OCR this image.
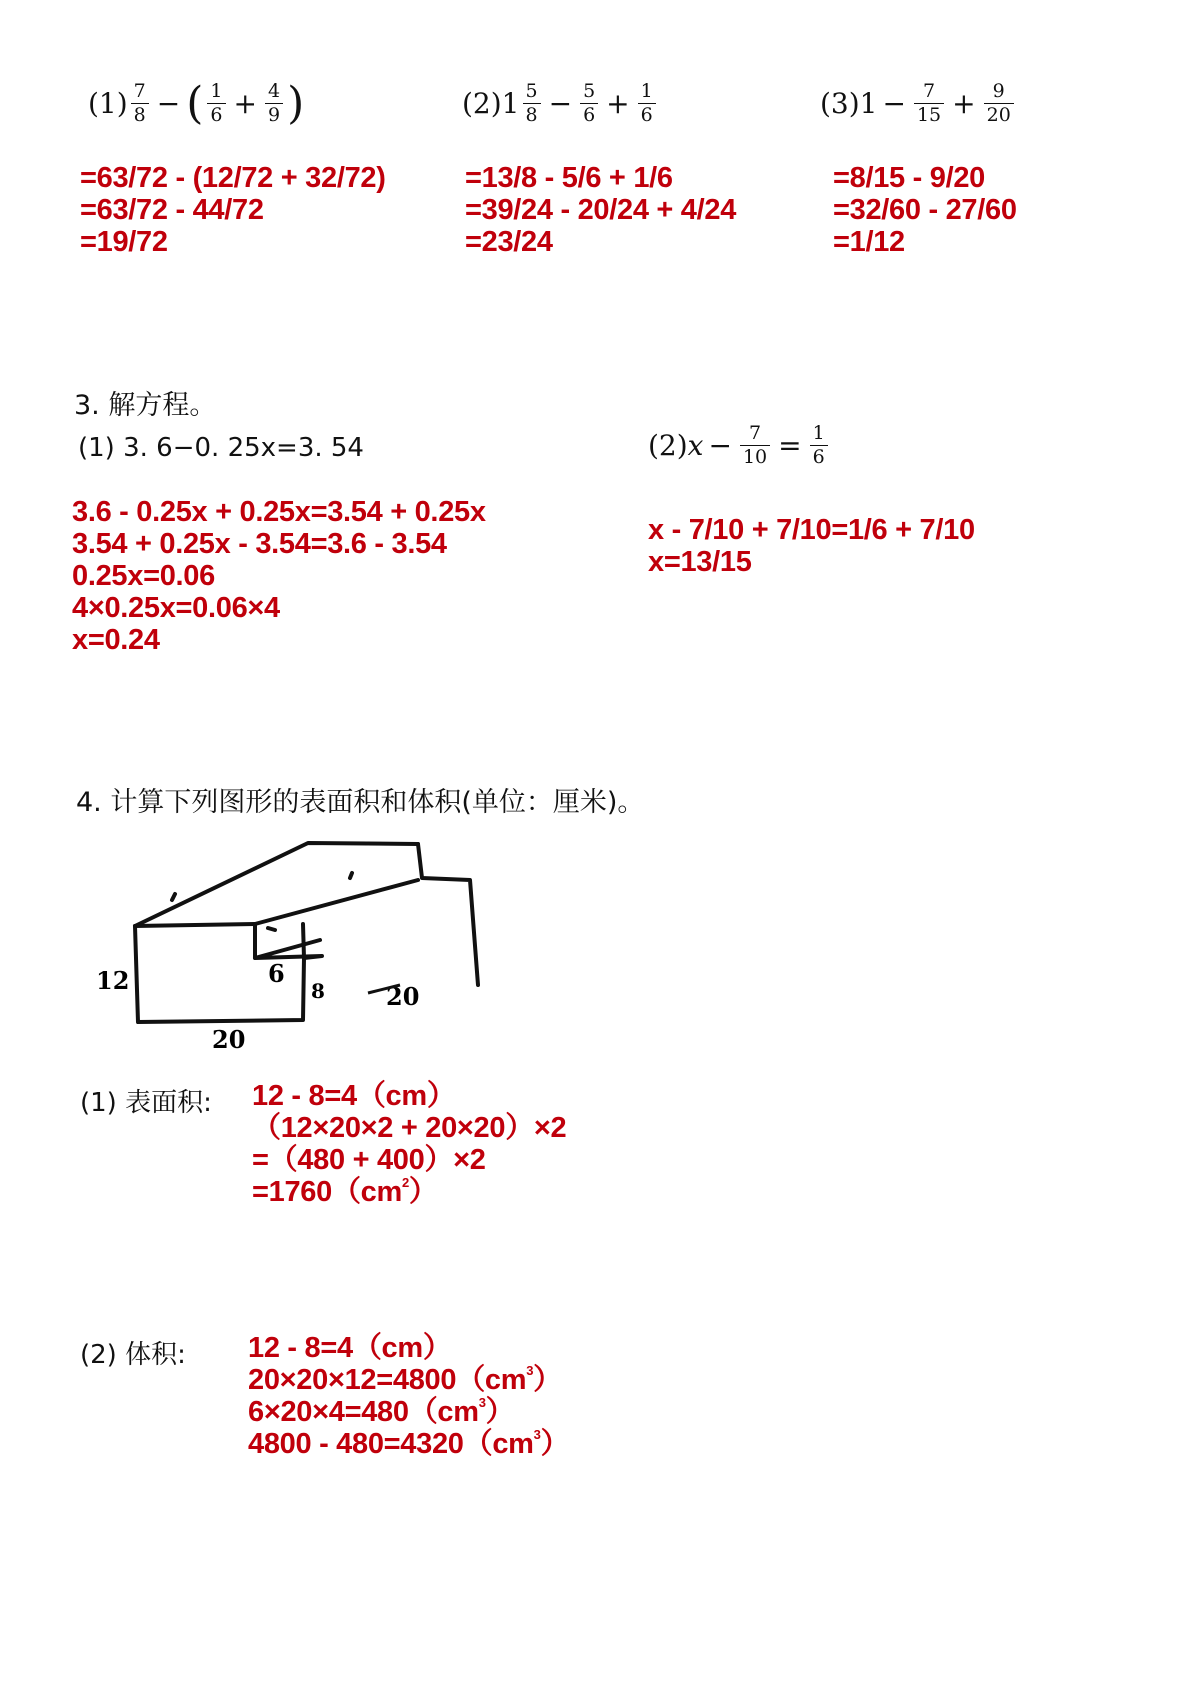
$(1) \frac{7}{8}$ − ( $\frac{1}{6} + \frac{4}{9}$ )	(2) $1 \frac{5}{8} - \frac{5}{6} + \frac{1}{6}$	(3) $1 - \frac{7}{15} + \frac{9}{20}$
=63/72 - (12/72 + 32/72)
=63/72 - 44/72
=19/72
=13/8 - 5/6 + 1/6
=39/24 - 20/24 + 4/24
=23/24
=8/15 - 9/20
=32/60 - 27/60
=1/12
3. 解方程。
(1) 3. 6−0. 25x=3. 54	(2) $x - \frac{7}{10} = \frac{1}{6}$
3.6 - 0.25x + 0.25x=3.54 + 0.25x
3.54 + 0.25x - 3.54=3.6 - 3.54
0.25x=0.06
4×0.25x=0.06×4
x=0.24
x - 7/10 + 7/10=1/6 + 7/10
x=13/15
4. 计算下列图形的表面积和体积(单位：厘米)。
12
20
6
8	20
(1) 表面积: 12 - 8=4（cm）
（12×20×2 + 20×20）×2
=（480 + 400）×2
$=1760(cm^2)$
(2) 体积: 12 - 8=4（cm）
$20\times 20\times 12=4800(cm^3)$
$6\times 20\times 4=480(cm^3)$
$4800 - 480=4320(cm^3)$
